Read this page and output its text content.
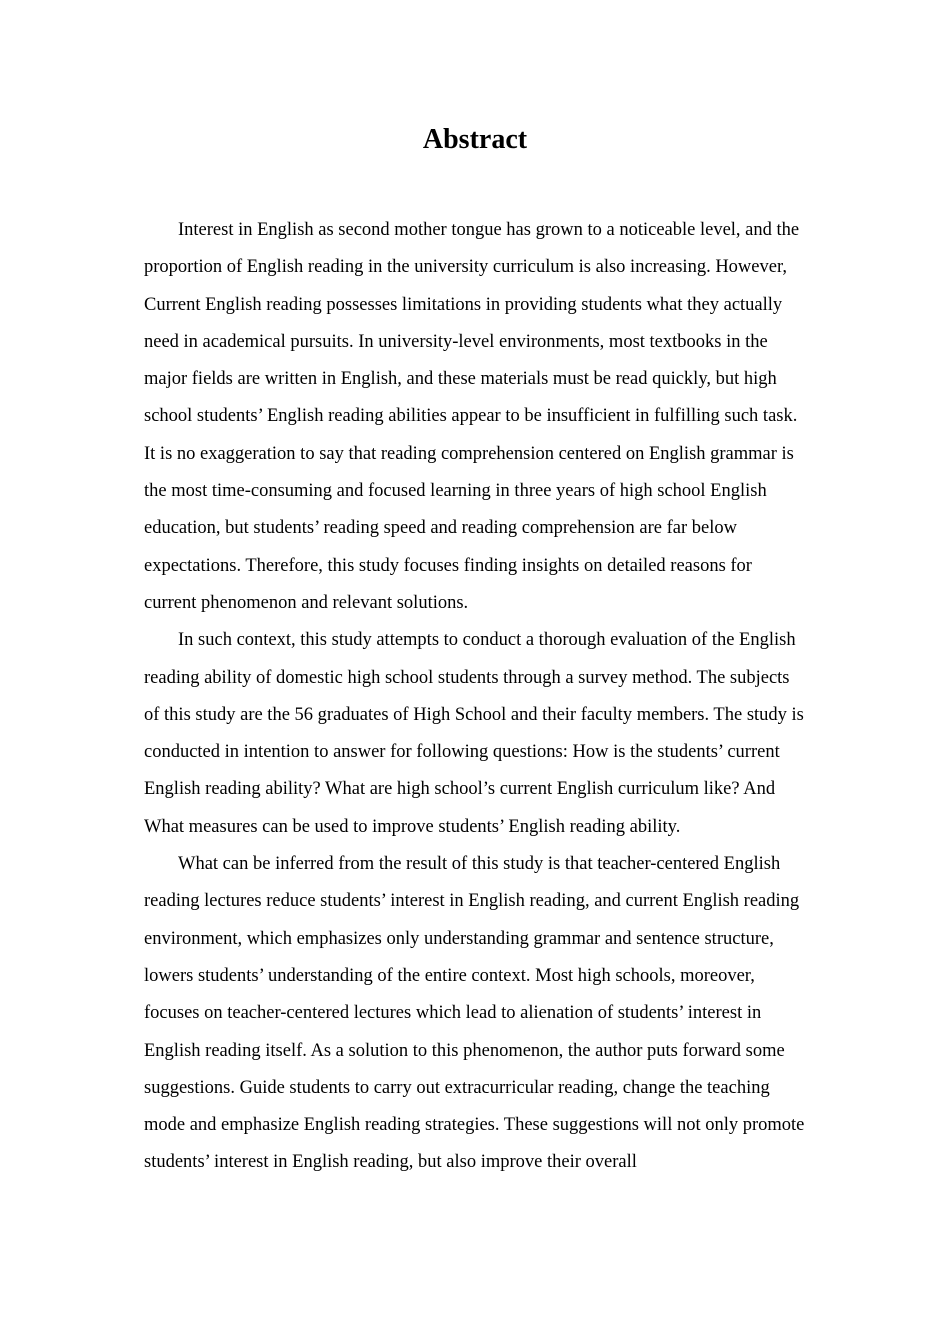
Abstract

Interest in English as second mother tongue has grown to a noticeable level, and the proportion of English reading in the university curriculum is also increasing. However, Current English reading possesses limitations in providing students what they actually need in academical pursuits. In university-level environments, most textbooks in the major fields are written in English, and these materials must be read quickly, but high school students’ English reading abilities appear to be insufficient in fulfilling such task. It is no exaggeration to say that reading comprehension centered on English grammar is the most time-consuming and focused learning in three years of high school English education, but students’ reading speed and reading comprehension are far below expectations. Therefore, this study focuses finding insights on detailed reasons for current phenomenon and relevant solutions.

In such context, this study attempts to conduct a thorough evaluation of the English reading ability of domestic high school students through a survey method. The subjects of this study are the 56 graduates of High School and their faculty members. The study is conducted in intention to answer for following questions: How is the students’ current English reading ability? What are high school’s current English curriculum like? And What measures can be used to improve students’ English reading ability.

What can be inferred from the result of this study is that teacher-centered English reading lectures reduce students’ interest in English reading, and current English reading environment, which emphasizes only understanding grammar and sentence structure, lowers students’ understanding of the entire context. Most high schools, moreover, focuses on teacher-centered lectures which lead to alienation of students’ interest in English reading itself. As a solution to this phenomenon, the author puts forward some suggestions. Guide students to carry out extracurricular reading, change the teaching mode and emphasize English reading strategies. These suggestions will not only promote students’ interest in English reading, but also improve their overall
